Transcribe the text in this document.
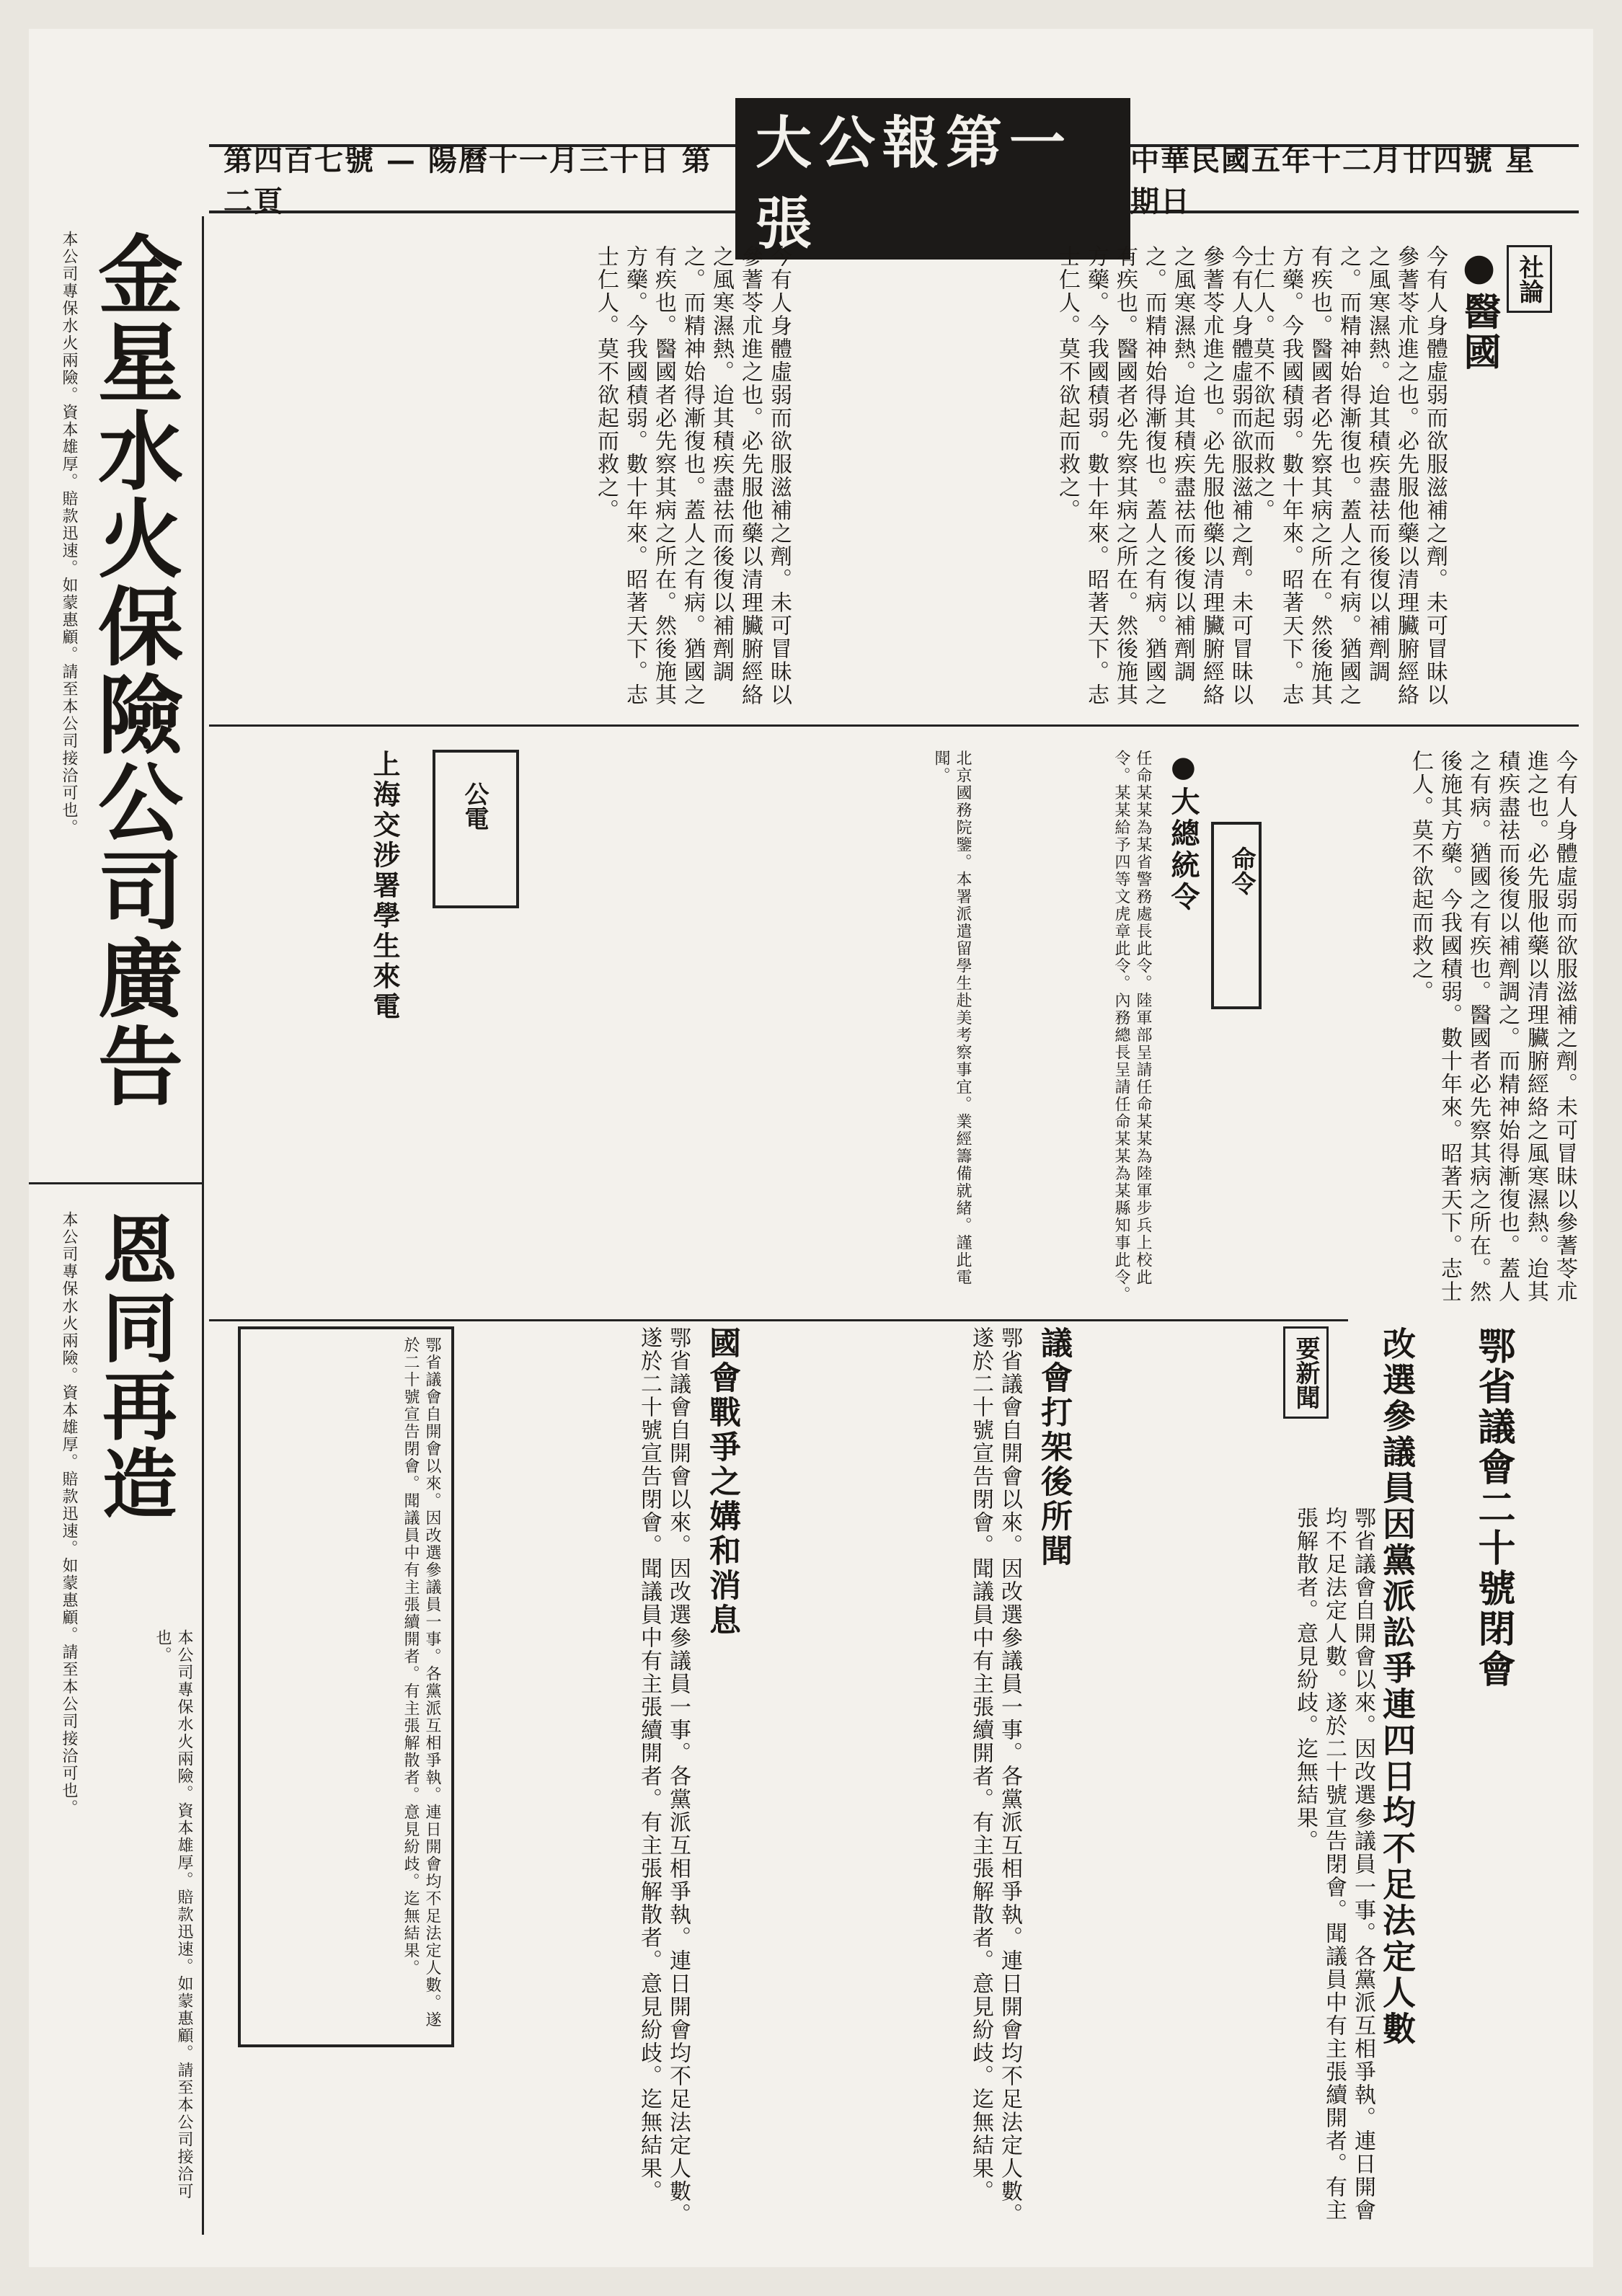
中華民國五年十二月廿四號 星期日
大公報第一張
第四百七號 — 陽曆十一月三十日 第二頁
社論
● 醫國
今有人身體虛弱而欲服滋補之劑。未可冒昧以參蓍苓朮進之也。必先服他藥以清理臟腑經絡之風寒濕熱。迨其積疾盡祛而後復以補劑調之。而精神始得漸復也。蓋人之有病。猶國之有疾也。醫國者必先察其病之所在。然後施其方藥。今我國積弱。數十年來。昭著天下。志士仁人。莫不欲起而救之。
今有人身體虛弱而欲服滋補之劑。未可冒昧以參蓍苓朮進之也。必先服他藥以清理臟腑經絡之風寒濕熱。迨其積疾盡祛而後復以補劑調之。而精神始得漸復也。蓋人之有病。猶國之有疾也。醫國者必先察其病之所在。然後施其方藥。今我國積弱。數十年來。昭著天下。志士仁人。莫不欲起而救之。
今有人身體虛弱而欲服滋補之劑。未可冒昧以參蓍苓朮進之也。必先服他藥以清理臟腑經絡之風寒濕熱。迨其積疾盡祛而後復以補劑調之。而精神始得漸復也。蓋人之有病。猶國之有疾也。醫國者必先察其病之所在。然後施其方藥。今我國積弱。數十年來。昭著天下。志士仁人。莫不欲起而救之。
命令
● 大總統令
任命某某為某省警務處長此令。陸軍部呈請任命某某為陸軍步兵上校此令。某某給予四等文虎章此令。內務總長呈請任命某某為某縣知事此令。	今有人身體虛弱而欲服滋補之劑。未可冒昧以參蓍苓朮進之也。必先服他藥以清理臟腑經絡之風寒濕熱。迨其積疾盡祛而後復以補劑調之。而精神始得漸復也。蓋人之有病。猶國之有疾也。醫國者必先察其病之所在。然後施其方藥。今我國積弱。數十年來。昭著天下。志士仁人。莫不欲起而救之。
公電
上海交涉署學生來電	北京國務院鑒。本署派遣留學生赴美考察事宜。業經籌備就緒。謹此電聞。
鄂省議會二十號閉會
改選參議員因黨派訟爭連四日均不足法定人數
要新聞
鄂省議會自開會以來。因改選參議員一事。各黨派互相爭執。連日開會均不足法定人數。遂於二十號宣告閉會。聞議員中有主張續開者。有主張解散者。意見紛歧。迄無結果。
議會打架後所聞
鄂省議會自開會以來。因改選參議員一事。各黨派互相爭執。連日開會均不足法定人數。遂於二十號宣告閉會。聞議員中有主張續開者。有主張解散者。意見紛歧。迄無結果。
國會戰爭之媾和消息
鄂省議會自開會以來。因改選參議員一事。各黨派互相爭執。連日開會均不足法定人數。遂於二十號宣告閉會。聞議員中有主張續開者。有主張解散者。意見紛歧。迄無結果。
鄂省議會自開會以來。因改選參議員一事。各黨派互相爭執。連日開會均不足法定人數。遂於二十號宣告閉會。聞議員中有主張續開者。有主張解散者。意見紛歧。迄無結果。
金星水火保險公司廣告
本公司專保水火兩險。資本雄厚。賠款迅速。如蒙惠顧。請至本公司接洽可也。
恩同再造
本公司專保水火兩險。資本雄厚。賠款迅速。如蒙惠顧。請至本公司接洽可也。
本公司專保水火兩險。資本雄厚。賠款迅速。如蒙惠顧。請至本公司接洽可也。
